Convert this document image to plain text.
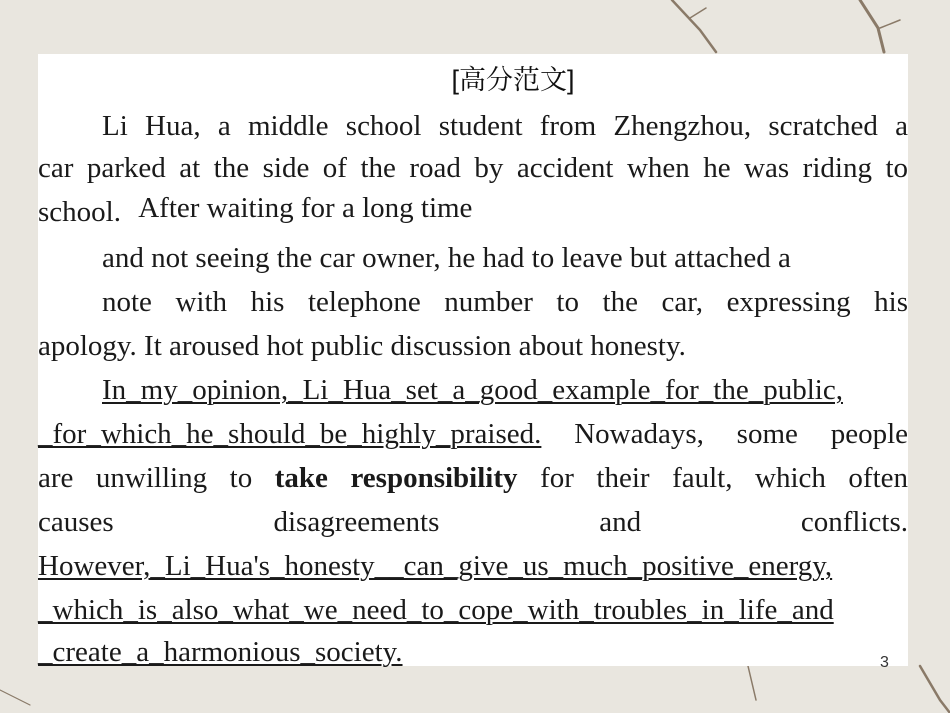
[高分范文]
Li Hua, a middle school student from Zhengzhou, scratched a
car parked at the side of the road by accident when he was riding to
school. After waiting for a long time
and not seeing the car owner, he had to leave but attached a
note with his telephone number to the car, expressing his
apology. It aroused hot public discussion about honesty.
In_my_opinion,_Li_Hua_set_a_good_example_for_the_public,
_for_which_he_should_be_highly_praised. Nowadays, some people
are unwilling to take responsibility for their fault, which often
causes disagreements and conflicts.
However,_Li_Hua's_honesty__can_give_us_much_positive_energy,
_which_is_also_what_we_need_to_cope_with_troubles_in_life_and
_create_a_harmonious_society.	3
